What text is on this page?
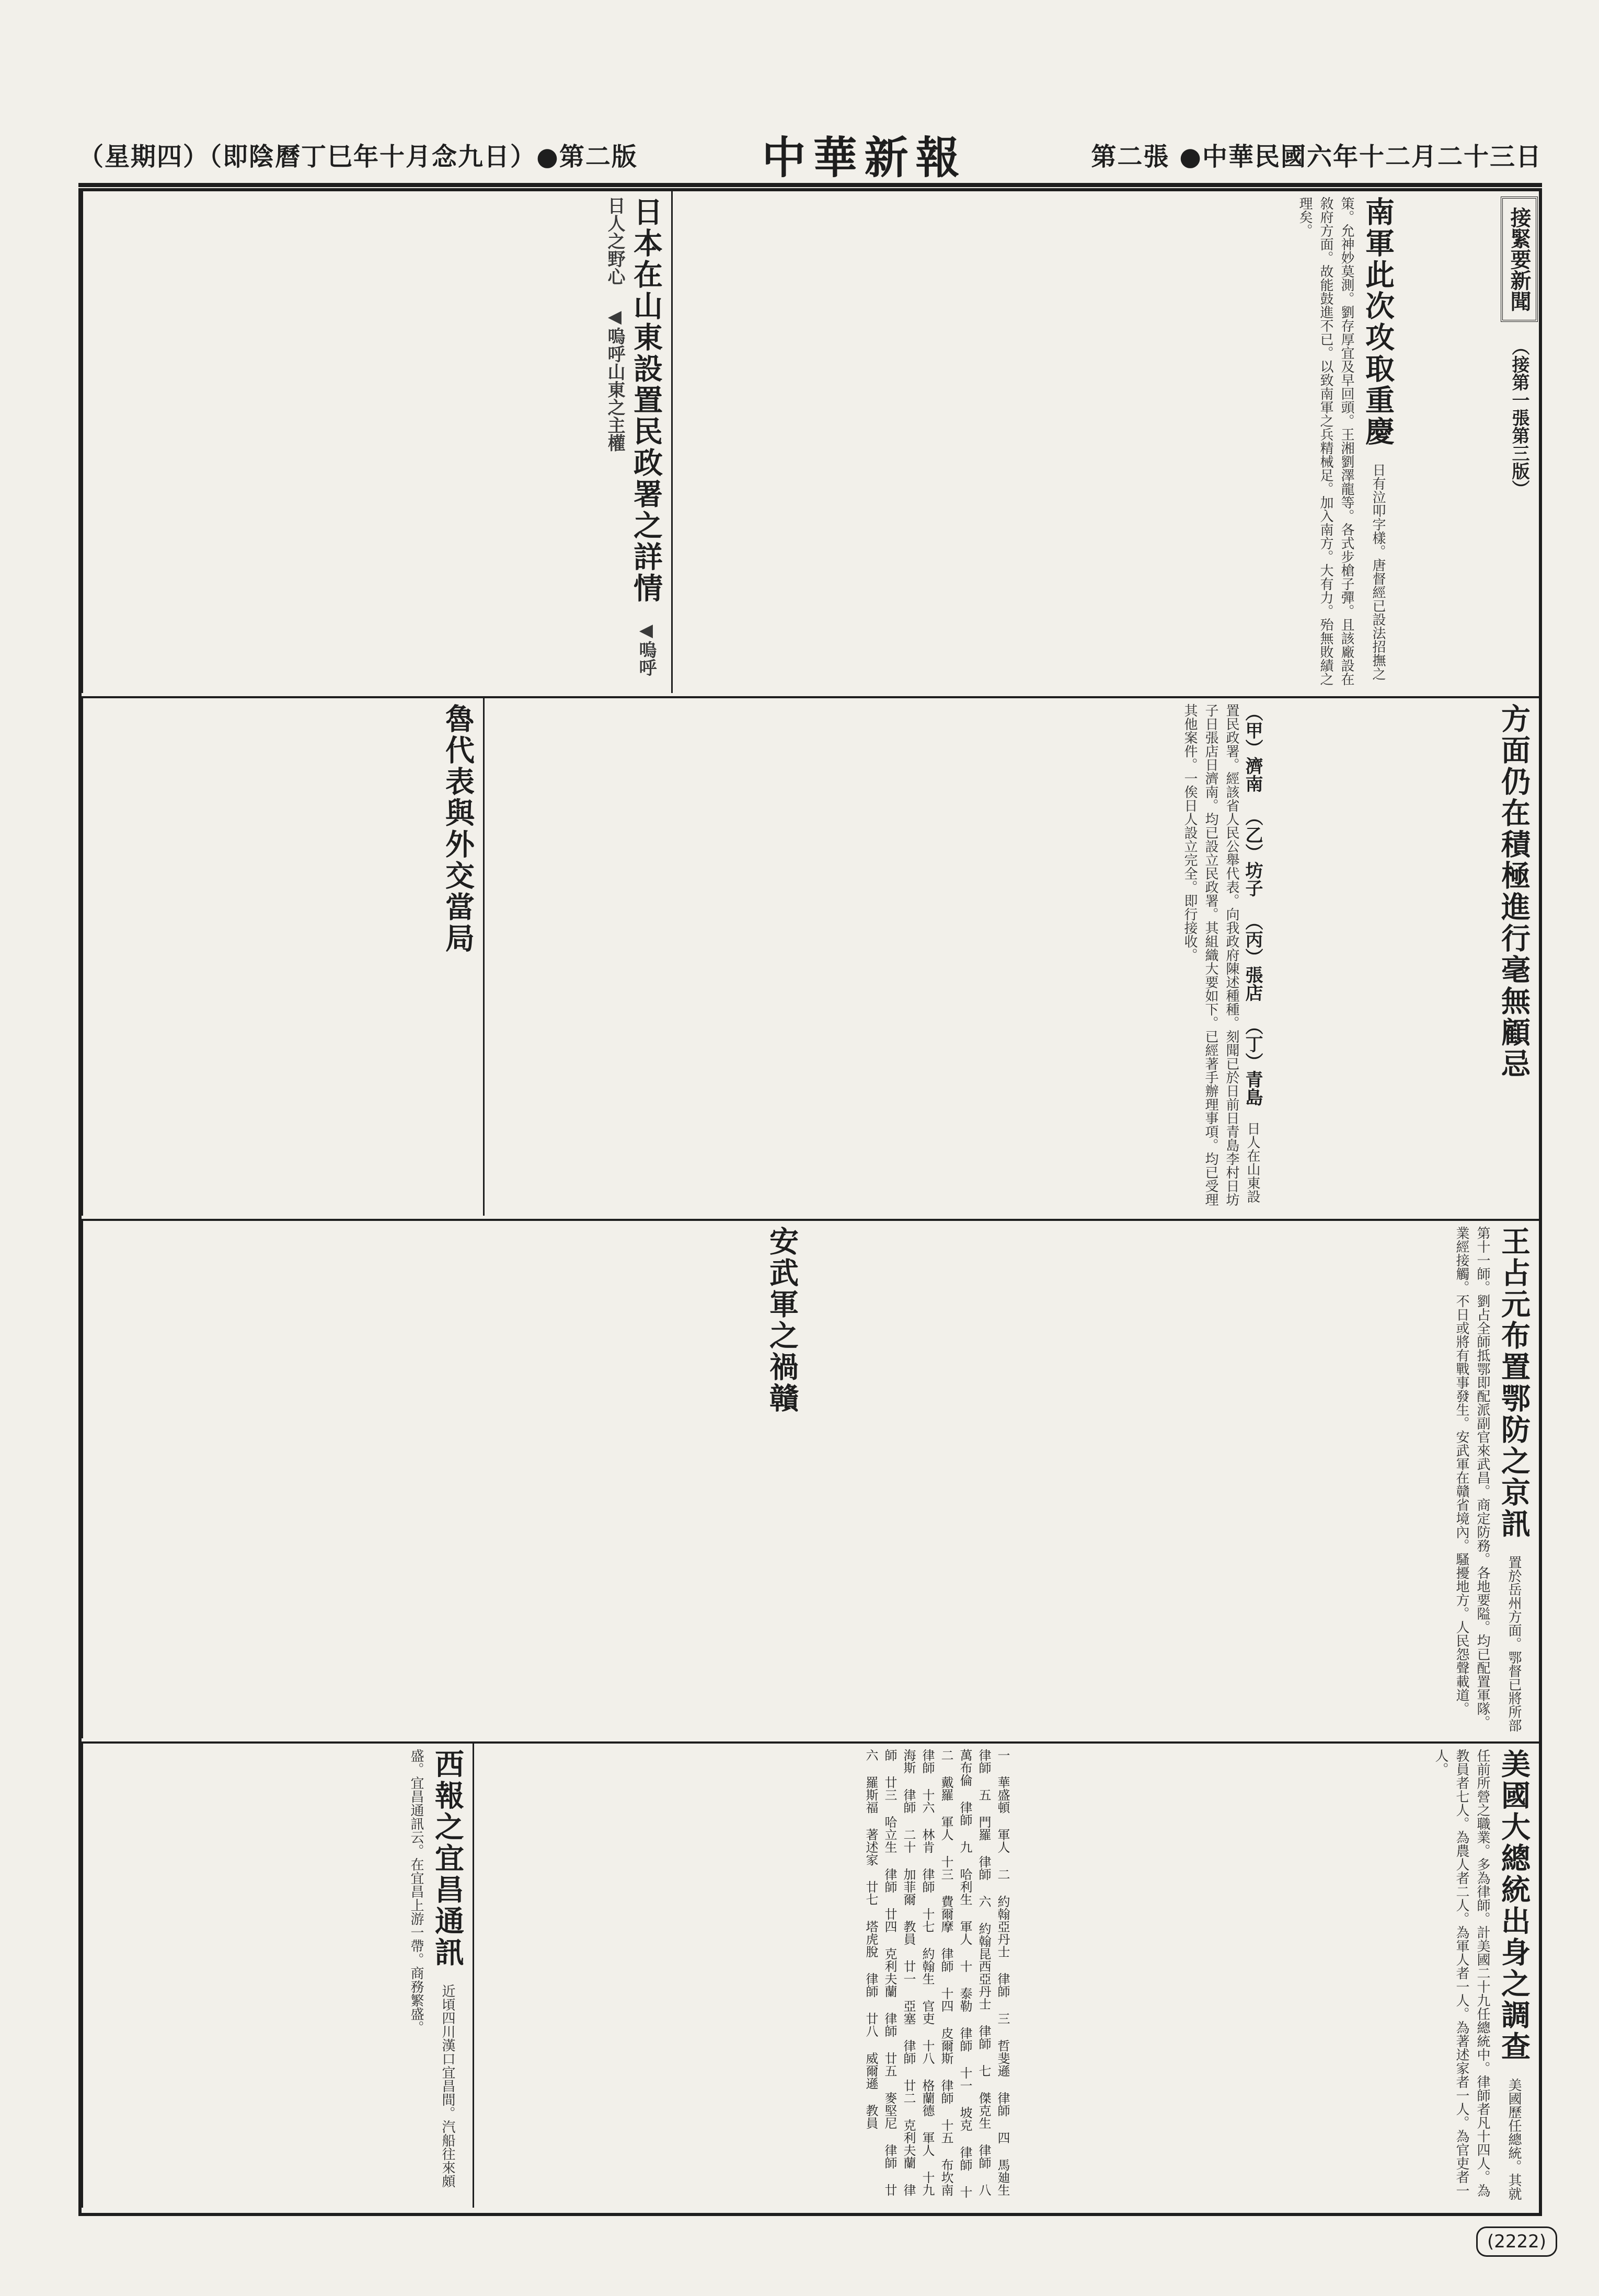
（星期四）（即陰曆丁巳年十月念九日）●第二版	中華新報	第二張 ●中華民國六年十二月二十三日
接緊要新聞 （接第一張第三版）
南軍此次攻取重慶 日有泣叩字樣。唐督經已設法招撫之策。允神妙莫測。劉存厚宜及早回頭。王湘劉澤龍等。各式步槍子彈。且該廠設在敘府方面。故能鼓進不已。以致南軍之兵精械足。加入南方。大有力。殆無敗績之理矣。
日本在山東設置民政署之詳情 ◀嗚呼日人之野心 ◀嗚呼山東之主權
方面仍在積極進行毫無顧忌
（甲）濟南 （乙）坊子 （丙）張店 （丁）青島 日人在山東設置民政署。經該省人民公舉代表。向我政府陳述種種。刻聞已於日前日青島李村日坊子日張店日濟南。均已設立民政署。其組織大要如下。已經著手辦理事項。均已受理其他案件。一俟日人設立完全。即行接收。
魯代表與外交當局
王占元布置鄂防之京訊 置於岳州方面。鄂督已將所部第十一師。劉占全師抵鄂即配派副官來武昌。商定防務。各地要隘。均已配置軍隊。業經接觸。不日或將有戰事發生。安武軍在贛省境內。騷擾地方。人民怨聲載道。
安武軍之禍贛
美國大總統出身之調查 美國歷任總統。其就任前所營之職業。多為律師。計美國二十九任總統中。律師者凡十四人。為教員者七人。為農人者二人。為軍人者一人。為著述家者一人。為官吏者一人。
一 華盛頓 軍人 二 約翰亞丹士 律師 三 哲斐遜 律師 四 馬廸生 律師 五 門羅 律師 六 約翰昆西亞丹士 律師 七 傑克生 律師 八 萬布倫 律師 九 哈利生 軍人 十 泰勒 律師 十一 坡克 律師 十二 戴羅 軍人 十三 費爾摩 律師 十四 皮爾斯 律師 十五 布坎南 律師 十六 林肯 律師 十七 約翰生 官吏 十八 格蘭德 軍人 十九 海斯 律師 二十 加菲爾 教員 廿一 亞塞 律師 廿二 克利夫蘭 律師 廿三 哈立生 律師 廿四 克利夫蘭 律師 廿五 麥堅尼 律師 廿六 羅斯福 著述家 廿七 塔虎脫 律師 廿八 威爾遜 教員
西報之宜昌通訊 近頃四川漢口宜昌間。汽船往來頗盛。宜昌通訊云。在宜昌上游一帶。商務繁盛。
(2222)
